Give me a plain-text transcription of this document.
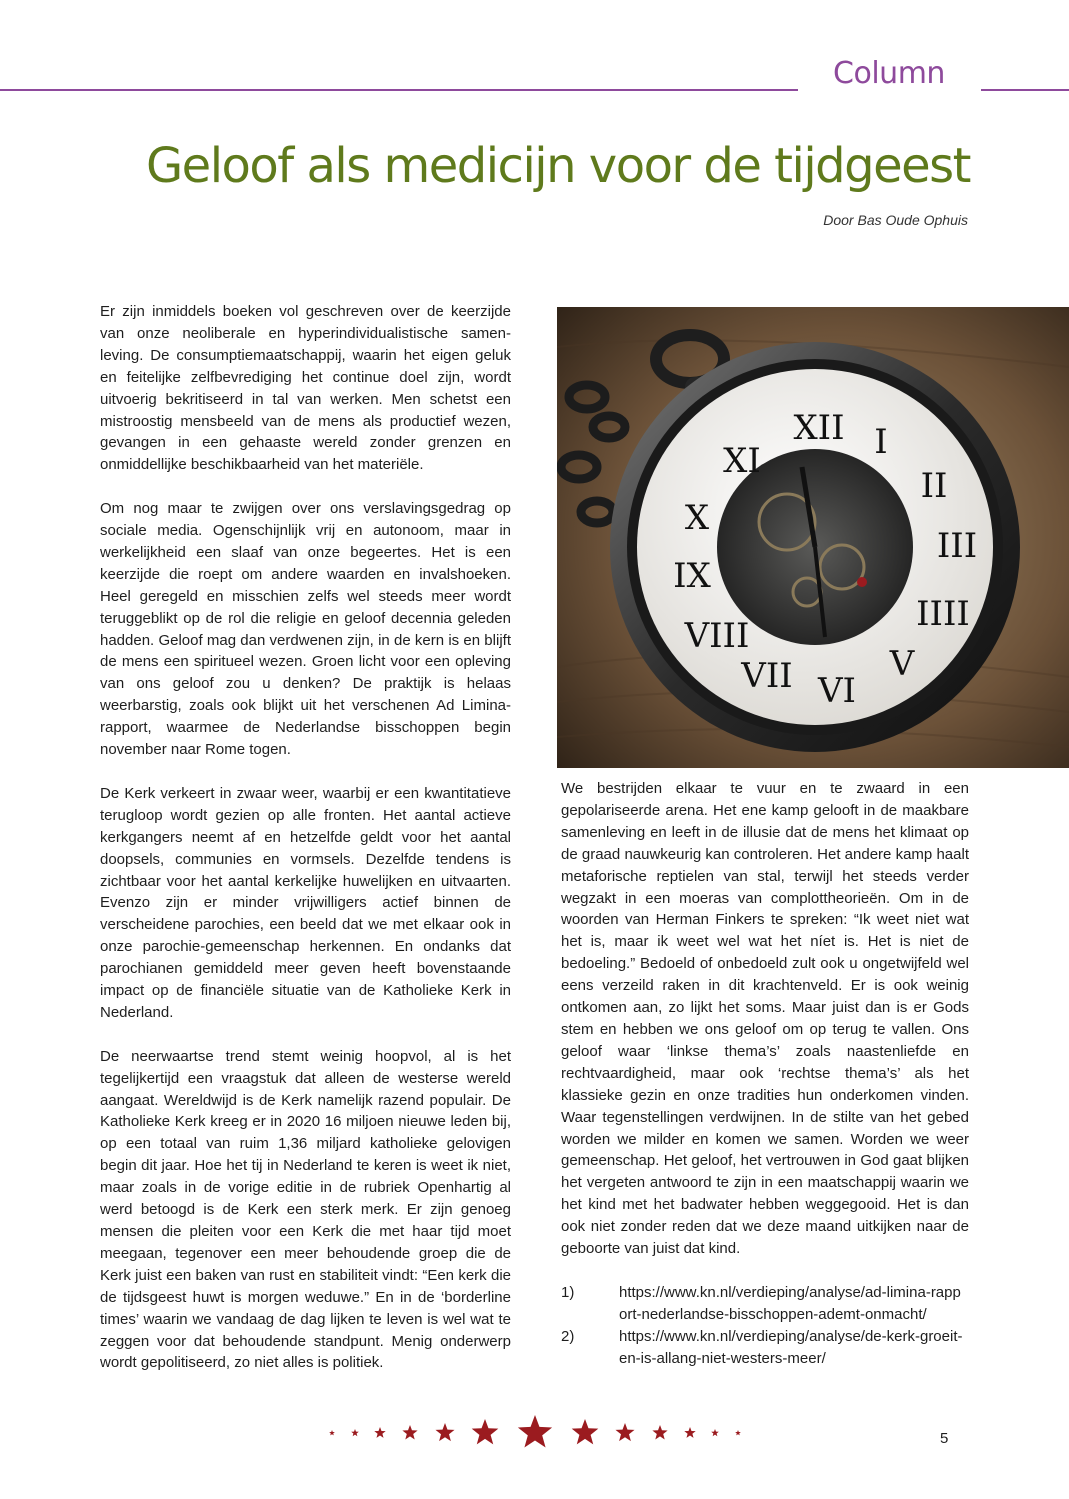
Column
Geloof als medicijn voor de tijdgeest
Door Bas Oude Ophuis

Er zijn inmiddels boeken vol geschreven over de keerzijde van onze neoliberale en hyperindividualistische samen-leving. De consumptiemaatschappij, waarin het eigen geluk en feitelijke zelfbevrediging het continue doel zijn, wordt uitvoerig bekritiseerd in tal van werken. Men schetst een mistroostig mensbeeld van de mens als productief wezen, gevangen in een gehaaste wereld zonder grenzen en onmiddellijke beschikbaarheid van het materiële.

Om nog maar te zwijgen over ons verslavingsgedrag op sociale media. Ogenschijnlijk vrij en autonoom, maar in werkelijkheid een slaaf van onze begeertes. Het is een keerzijde die roept om andere waarden en invalshoeken. Heel geregeld en misschien zelfs wel steeds meer wordt teruggeblikt op de rol die religie en geloof decennia geleden hadden. Geloof mag dan verdwenen zijn, in de kern is en blijft de mens een spiritueel wezen. Groen licht voor een opleving van ons geloof zou u denken? De praktijk is helaas weerbarstig, zoals ook blijkt uit het verschenen Ad Limina-rapport, waarmee de Nederlandse bisschoppen begin november naar Rome togen.

De Kerk verkeert in zwaar weer, waarbij er een kwantitatieve terugloop wordt gezien op alle fronten. Het aantal actieve kerkgangers neemt af en hetzelfde geldt voor het aantal doopsels, communies en vormsels. Dezelfde tendens is zichtbaar voor het aantal kerkelijke huwelijken en uitvaarten. Evenzo zijn er minder vrijwilligers actief binnen de verscheidene parochies, een beeld dat we met elkaar ook in onze parochie-gemeenschap herkennen. En ondanks dat parochianen gemiddeld meer geven heeft bovenstaande impact op de financiële situatie van de Katholieke Kerk in Nederland.

De neerwaartse trend stemt weinig hoopvol, al is het tegelijkertijd een vraagstuk dat alleen de westerse wereld aangaat. Wereldwijd is de Kerk namelijk razend populair. De Katholieke Kerk kreeg er in 2020 16 miljoen nieuwe leden bij, op een totaal van ruim 1,36 miljard katholieke gelovigen begin dit jaar. Hoe het tij in Nederland te keren is weet ik niet, maar zoals in de vorige editie in de rubriek Openhartig al werd betoogd is de Kerk een sterk merk. Er zijn genoeg mensen die pleiten voor een Kerk die met haar tijd moet meegaan, tegenover een meer behoudende groep die de Kerk juist een baken van rust en stabiliteit vindt: “Een kerk die de tijdsgeest huwt is morgen weduwe.” En in de ‘borderline times’ waarin we vandaag de dag lijken te leven is wel wat te zeggen voor dat behoudende standpunt. Menig onderwerp wordt gepolitiseerd, zo niet alles is politiek.

XII I
II
III
IIII
V
VI
VII
VIII
IX
X
XI

We bestrijden elkaar te vuur en te zwaard in een gepolariseerde arena. Het ene kamp gelooft in de maakbare samenleving en leeft in de illusie dat de mens het klimaat op de graad nauwkeurig kan controleren. Het andere kamp haalt metaforische reptielen van stal, terwijl het steeds verder wegzakt in een moeras van complottheorieën. Om in de woorden van Herman Finkers te spreken: “Ik weet niet wat het is, maar ik weet wel wat het níet is. Het is niet de bedoeling.” Bedoeld of onbedoeld zult ook u ongetwijfeld wel eens verzeild raken in dit krachtenveld. Er is ook weinig ontkomen aan, zo lijkt het soms. Maar juist dan is er Gods stem en hebben we ons geloof om op terug te vallen. Ons geloof waar ‘linkse thema’s’ zoals naastenliefde en rechtvaardigheid, maar ook ‘rechtse thema’s’ als het klassieke gezin en onze tradities hun onderkomen vinden. Waar tegenstellingen verdwijnen. In de stilte van het gebed worden we milder en komen we samen. Worden we weer gemeenschap. Het geloof, het vertrouwen in God gaat blijken het vergeten antwoord te zijn in een maatschappij waarin we het kind met het badwater hebben weggegooid. Het is dan ook niet zonder reden dat we deze maand uitkijken naar de geboorte van juist dat kind.

1)	https://www.kn.nl/verdieping/analyse/ad-limina-rapport-nederlandse-bisschoppen-ademt-onmacht/
2)	https://www.kn.nl/verdieping/analyse/de-kerk-groeit-en-is-allang-niet-westers-meer/
5
